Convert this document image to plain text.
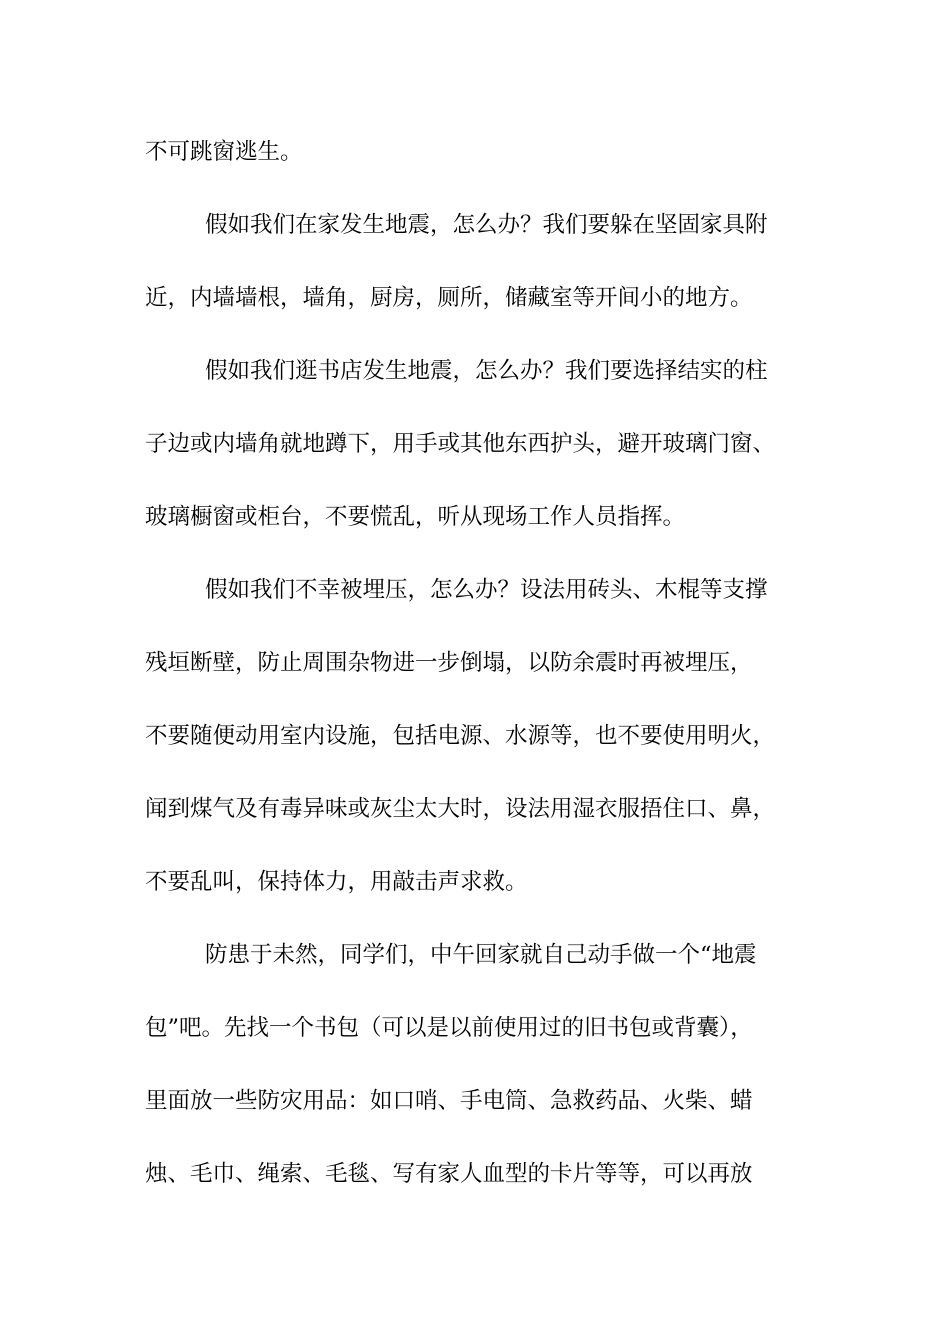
不可跳窗逃生。
假如我们在家发生地震，怎么办？我们要躲在坚固家具附
近，内墙墙根，墙角，厨房，厕所，储藏室等开间小的地方。
假如我们逛书店发生地震，怎么办？我们要选择结实的柱
子边或内墙角就地蹲下，用手或其他东西护头，避开玻璃门窗、
玻璃橱窗或柜台，不要慌乱，听从现场工作人员指挥。
假如我们不幸被埋压，怎么办？设法用砖头、木棍等支撑
残垣断壁，防止周围杂物进一步倒塌，以防余震时再被埋压，
不要随便动用室内设施，包括电源、水源等，也不要使用明火，
闻到煤气及有毒异味或灰尘太大时，设法用湿衣服捂住口、鼻，
不要乱叫，保持体力，用敲击声求救。
防患于未然，同学们，中午回家就自己动手做一个“地震
包”吧。先找一个书包（可以是以前使用过的旧书包或背囊），
里面放一些防灾用品：如口哨、手电筒、急救药品、火柴、蜡
烛、毛巾、绳索、毛毯、写有家人血型的卡片等等，可以再放
